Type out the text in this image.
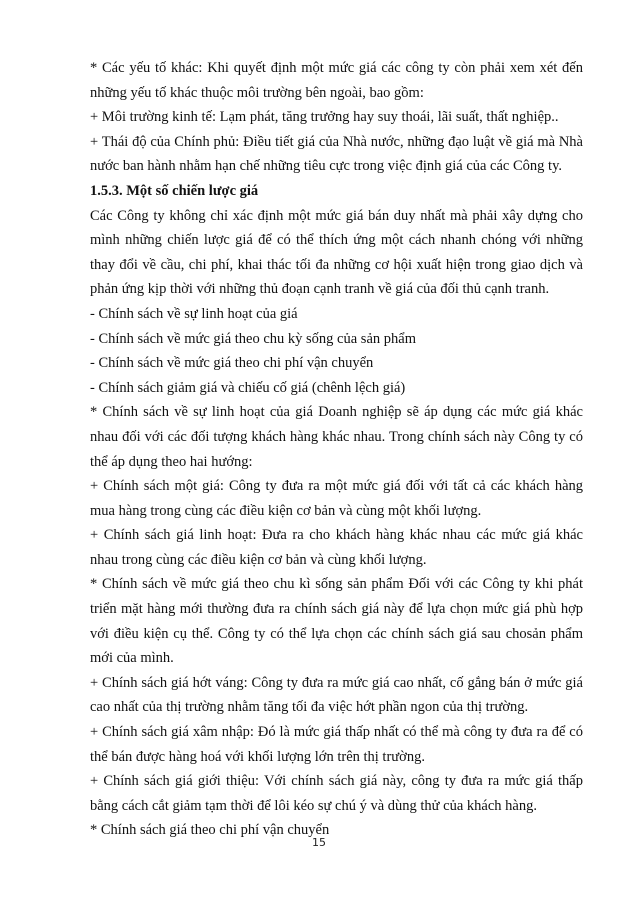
* Các yếu tố khác: Khi quyết định một mức giá các công ty còn phải xem xét đến những yếu tố khác thuộc môi trường bên ngoài, bao gồm:

+ Môi trường kinh tế: Lạm phát, tăng trưởng hay suy thoái, lãi suất, thất nghiệp..

+ Thái độ của Chính phủ: Điều tiết giá của Nhà nước, những đạo luật về giá mà Nhà nước ban hành nhằm hạn chế những tiêu cực trong việc định giá của các Công ty.

1.5.3. Một số chiến lược giá

Các Công ty không chỉ xác định một mức giá bán duy nhất mà phải xây dựng cho mình những chiến lược giá để có thể thích ứng một cách nhanh chóng với những thay đổi về cầu, chi phí, khai thác tối đa những cơ hội xuất hiện trong giao dịch và phản ứng kịp thời với những thủ đoạn cạnh tranh về giá của đối thủ cạnh tranh.

- Chính sách về sự linh hoạt của giá

- Chính sách về mức giá theo chu kỳ sống của sản phẩm

- Chính sách về mức giá theo chi phí vận chuyển

- Chính sách giảm giá và chiếu cố giá (chênh lệch giá)

* Chính sách về sự linh hoạt của giá Doanh nghiệp sẽ áp dụng các mức giá khác nhau đối với các đối tượng khách hàng khác nhau. Trong chính sách này Công ty có thể áp dụng theo hai hướng:

+ Chính sách một giá: Công ty đưa ra một mức giá đối với tất cả các khách hàng mua hàng trong cùng các điều kiện cơ bản và cùng một khối lượng.

+ Chính sách giá linh hoạt: Đưa ra cho khách hàng khác nhau các mức giá khác nhau trong cùng các điều kiện cơ bản và cùng khối lượng.

* Chính sách về mức giá theo chu kì sống sản phẩm Đối với các Công ty khi phát triển mặt hàng mới thường đưa ra chính sách giá này để lựa chọn mức giá phù hợp với điều kiện cụ thể. Công ty có thể lựa chọn các chính sách giá sau chosản phẩm mới của mình.

+ Chính sách giá hớt váng: Công ty đưa ra mức giá cao nhất, cố gắng bán ở mức giá cao nhất của thị trường nhằm tăng tối đa việc hớt phần ngon của thị trường.

+ Chính sách giá xâm nhập: Đó là mức giá thấp nhất có thể mà công ty đưa ra để có thể bán được hàng hoá với khối lượng lớn trên thị trường.

+ Chính sách giá giới thiệu: Với chính sách giá này, công ty đưa ra mức giá thấp bằng cách cắt giảm tạm thời để lôi kéo sự chú ý và dùng thử của khách hàng.

* Chính sách giá theo chi phí vận chuyển

15
